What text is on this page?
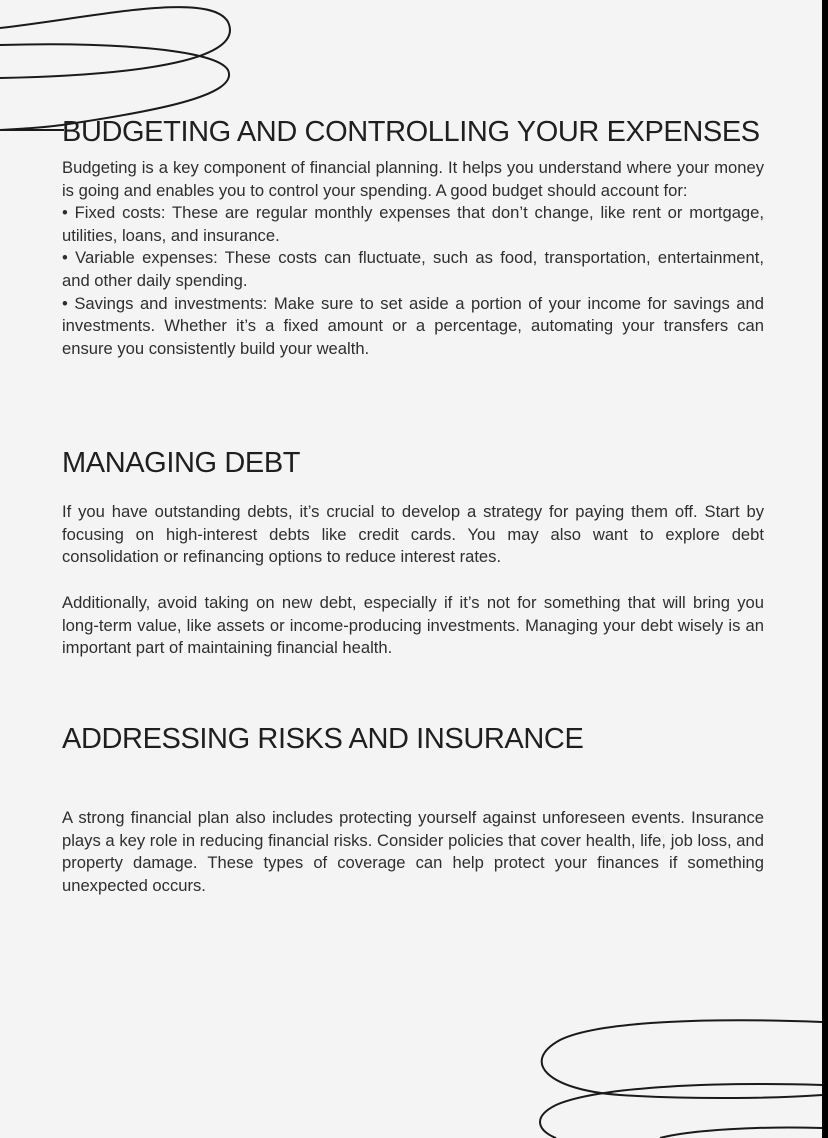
BUDGETING AND CONTROLLING YOUR EXPENSES
Budgeting is a key component of financial planning. It helps you understand where your money is going and enables you to control your spending. A good budget should account for:
• Fixed costs: These are regular monthly expenses that don’t change, like rent or mortgage, utilities, loans, and insurance.
• Variable expenses: These costs can fluctuate, such as food, transportation, entertainment, and other daily spending.
• Savings and investments: Make sure to set aside a portion of your income for savings and investments. Whether it’s a fixed amount or a percentage, automating your transfers can ensure you consistently build your wealth.
MANAGING DEBT

If you have outstanding debts, it’s crucial to develop a strategy for paying them off. Start by focusing on high-interest debts like credit cards. You may also want to explore debt consolidation or refinancing options to reduce interest rates.

Additionally, avoid taking on new debt, especially if it’s not for something that will bring you long-term value, like assets or income-producing investments. Managing your debt wisely is an important part of maintaining financial health.

ADDRESSING RISKS AND INSURANCE

A strong financial plan also includes protecting yourself against unforeseen events. Insurance plays a key role in reducing financial risks. Consider policies that cover health, life, job loss, and property damage. These types of coverage can help protect your finances if something unexpected occurs.
